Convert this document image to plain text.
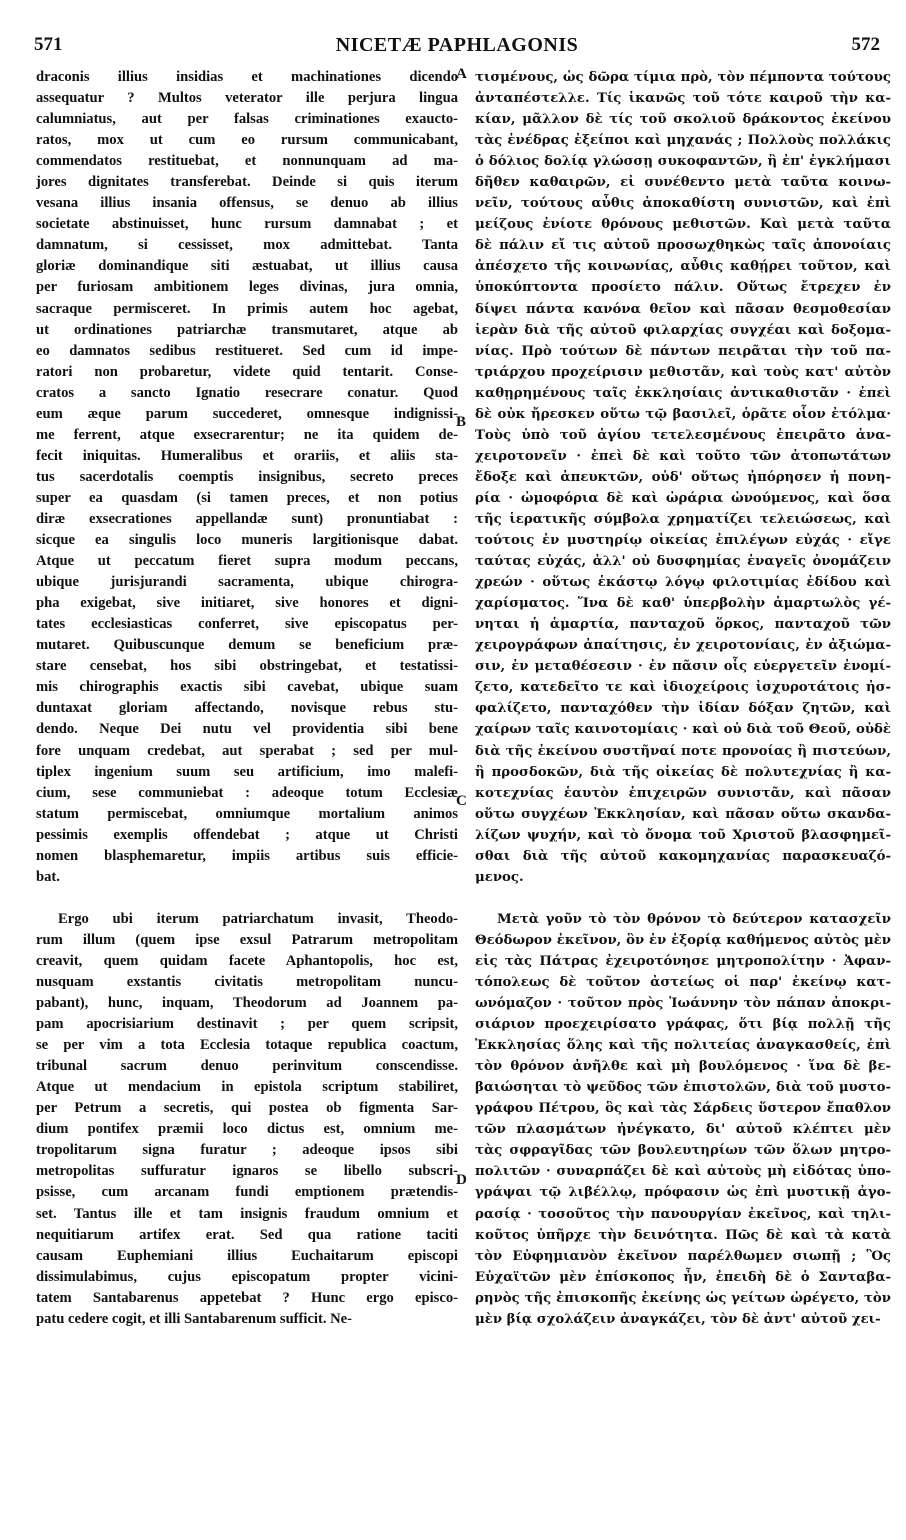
571	NICETÆ PAPHLAGONIS	572
draconis illius insidias et machinationes dicendo
assequatur ? Multos veterator ille perjura lingua
calumniatus, aut per falsas criminationes exaucto-
ratos, mox ut cum eo rursum communicabant,
commendatos restituebat, et nonnunquam ad ma-
jores dignitates transferebat. Deinde si quis iterum
vesana illius insania offensus, se denuo ab illius
societate abstinuisset, hunc rursum damnabat ; et
damnatum, si cessisset, mox admittebat. Tanta
gloriæ dominandique siti æstuabat, ut illius causa
per furiosam ambitionem leges divinas, jura omnia,
sacraque permisceret. In primis autem hoc agebat,
ut ordinationes patriarchæ transmutaret, atque ab
eo damnatos sedibus restitueret. Sed cum id impe-
ratori non probaretur, videte quid tentarit. Conse-
cratos a sancto Ignatio resecrare conatur. Quod
eum æque parum succederet, omnesque indignissi-
me ferrent, atque exsecrarentur; ne ita quidem de-
fecit iniquitas. Humeralibus et orariis, et aliis sta-
tus sacerdotalis coemptis insignibus, secreto preces
super ea quasdam (si tamen preces, et non potius
diræ exsecrationes appellandæ sunt) pronuntiabat :
sicque ea singulis loco muneris largitionisque dabat.
Atque ut peccatum fieret supra modum peccans,
ubique jurisjurandi sacramenta, ubique chirogra-
pha exigebat, sive initiaret, sive honores et digni-
tates ecclesiasticas conferret, sive episcopatus per-
mutaret. Quibuscunque demum se beneficium præ-
stare censebat, hos sibi obstringebat, et testatissi-
mis chirographis exactis sibi cavebat, ubique suam
duntaxat gloriam affectando, novisque rebus stu-
dendo. Neque Dei nutu vel providentia sibi bene
fore unquam credebat, aut sperabat ; sed per mul-
tiplex ingenium suum seu artificium, imo malefi-
cium, sese communiebat : adeoque totum Ecclesiæ
statum permiscebat, omniumque mortalium animos
pessimis exemplis offendebat ; atque ut Christi
nomen blasphemaretur, impiis artibus suis efficie-
bat.
Ergo ubi iterum patriarchatum invasit, Theodo-
rum illum (quem ipse exsul Patrarum metropolitam
creavit, quem quidam facete Aphantopolis, hoc est,
nusquam exstantis civitatis metropolitam nuncu-
pabant), hunc, inquam, Theodorum ad Joannem pa-
pam apocrisiarium destinavit ; per quem scripsit,
se per vim a tota Ecclesia totaque republica coactum,
tribunal sacrum denuo perinvitum conscendisse.
Atque ut mendacium in epistola scriptum stabiliret,
per Petrum a secretis, qui postea ob figmenta Sar-
dium pontifex præmii loco dictus est, omnium me-
tropolitarum signa furatur ; adeoque ipsos sibi
metropolitas suffuratur ignaros se libello subscri-
psisse, cum arcanam fundi emptionem prætendis-
set. Tantus ille et tam insignis fraudum omnium et
nequitiarum artifex erat. Sed qua ratione taciti
causam Euphemiani illius Euchaitarum episcopi
dissimulabimus, cujus episcopatum propter vicini-
tatem Santabarenus appetebat ? Hunc ergo episco-
patu cedere cogit, et illi Santabarenum sufficit. Ne-
τισμένους, ὡς δῶρα τίμια πρὸ, τὸν πέμποντα τούτους
ἀνταπέστελλε. Τίς ἱκανῶς τοῦ τότε καιροῦ τὴν κα-
κίαν, μᾶλλον δὲ τίς τοῦ σκολιοῦ δράκοντος ἐκείνου
τὰς ἐνέδρας ἐξείποι καὶ μηχανάς ; Πολλοὺς πολλάκις
ὁ δόλιος δολίᾳ γλώσσῃ συκοφαντῶν, ἢ ἐπ' ἐγκλήμασι
δῆθεν καθαιρῶν, εἰ συνέθεντο μετὰ ταῦτα κοινω-
νεῖν, τούτους αὖθις ἀποκαθίστη συνιστῶν, καὶ ἐπὶ
μείζους ἐνίοτε θρόνους μεθιστῶν. Καὶ μετὰ ταῦτα
δὲ πάλιν εἴ τις αὐτοῦ προσωχθηκὼς ταῖς ἀπονοίαις
ἀπέσχετο τῆς κοινωνίας, αὖθις καθῄρει τοῦτον, καὶ
ὑποκύπτοντα προσίετο πάλιν. Οὕτως ἔτρεχεν ἐν
δίψει πάντα κανόνα θεῖον καὶ πᾶσαν θεσμοθεσίαν
ἱερὰν διὰ τῆς αὐτοῦ φιλαρχίας συγχέαι καὶ δοξομα-
νίας. Πρὸ τούτων δὲ πάντων πειρᾶται τὴν τοῦ πα-
τριάρχου προχείρισιν μεθιστᾶν, καὶ τοὺς κατ' αὐτὸν
καθῃρημένους ταῖς ἐκκλησίαις ἀντικαθιστᾶν · ἐπεὶ
δὲ οὐκ ἤρεσκεν οὕτω τῷ βασιλεῖ, ὁρᾶτε οἷον ἐτόλμα·
Τοὺς ὑπὸ τοῦ ἁγίου τετελεσμένους ἐπειρᾶτο ἀνα-
χειροτονεῖν · ἐπεὶ δὲ καὶ τοῦτο τῶν ἀτοπωτάτων
ἔδοξε καὶ ἀπευκτῶν, οὐδ' οὕτως ἠπόρησεν ἡ πονη-
ρία · ὠμοφόρια δὲ καὶ ὠράρια ὠνούμενος, καὶ ὅσα
τῆς ἱερατικῆς σύμβολα χρηματίζει τελειώσεως, καὶ
τούτοις ἐν μυστηρίῳ οἰκείας ἐπιλέγων εὐχάς · εἴγε
ταύτας εὐχάς, ἀλλ' οὐ δυσφημίας ἐναγεῖς ὀνομάζειν
χρεών · οὕτως ἑκάστῳ λόγῳ φιλοτιμίας ἐδίδου καὶ
χαρίσματος. Ἵνα δὲ καθ' ὑπερβολὴν ἁμαρτωλὸς γέ-
νηται ἡ ἁμαρτία, πανταχοῦ ὅρκος, πανταχοῦ τῶν
χειρογράφων ἀπαίτησις, ἐν χειροτονίαις, ἐν ἀξιώμα-
σιν, ἐν μεταθέσεσιν · ἐν πᾶσιν οἷς εὐεργετεῖν ἐνομί-
ζετο, κατεδεῖτο τε καὶ ἰδιοχείροις ἰσχυροτάτοις ἠσ-
φαλίζετο, πανταχόθεν τὴν ἰδίαν δόξαν ζητῶν, καὶ
χαίρων ταῖς καινοτομίαις · καὶ οὐ διὰ τοῦ Θεοῦ, οὐδὲ
διὰ τῆς ἐκείνου συστῆναί ποτε προνοίας ἢ πιστεύων,
ἢ προσδοκῶν, διὰ τῆς οἰκείας δὲ πολυτεχνίας ἢ κα-
κοτεχνίας ἑαυτὸν ἐπιχειρῶν συνιστᾶν, καὶ πᾶσαν
οὕτω συγχέων Ἐκκλησίαν, καὶ πᾶσαν οὕτω σκανδα-
λίζων ψυχήν, καὶ τὸ ὄνομα τοῦ Χριστοῦ βλασφημεῖ-
σθαι διὰ τῆς αὐτοῦ κακομηχανίας παρασκευαζό-
μενος.
Μετὰ γοῦν τὸ τὸν θρόνον τὸ δεύτερον κατασχεῖν
Θεόδωρον ἐκεῖνον, ὃν ἐν ἐξορίᾳ καθήμενος αὐτὸς μὲν
εἰς τὰς Πάτρας ἐχειροτόνησε μητροπολίτην · Ἀφαν-
τόπολεως δὲ τοῦτον ἀστείως οἱ παρ' ἐκείνῳ κατ-
ωνόμαζον · τοῦτον πρὸς Ἰωάννην τὸν πάπαν ἀποκρι-
σιάριον προεχειρίσατο γράφας, ὅτι βίᾳ πολλῇ τῆς
Ἐκκλησίας ὅλης καὶ τῆς πολιτείας ἀναγκασθείς, ἐπὶ
τὸν θρόνον ἀνῆλθε καὶ μὴ βουλόμενος · ἵνα δὲ βε-
βαιώσηται τὸ ψεῦδος τῶν ἐπιστολῶν, διὰ τοῦ μυστο-
γράφου Πέτρου, ὃς καὶ τὰς Σάρδεις ὕστερον ἔπαθλον
τῶν πλασμάτων ἠνέγκατο, δι' αὐτοῦ κλέπτει μὲν
τὰς σφραγῖδας τῶν βουλευτηρίων τῶν ὅλων μητρο-
πολιτῶν · συναρπάζει δὲ καὶ αὐτοὺς μὴ εἰδότας ὑπο-
γράψαι τῷ λιβέλλῳ, πρόφασιν ὡς ἐπὶ μυστικῇ ἀγο-
ρασίᾳ · τοσοῦτος τὴν πανουργίαν ἐκεῖνος, καὶ τηλι-
κοῦτος ὑπῆρχε τὴν δεινότητα. Πῶς δὲ καὶ τὰ κατὰ
τὸν Εὐφημιανὸν ἐκεῖνον παρέλθωμεν σιωπῇ ; Ὃς
Εὐχαϊτῶν μὲν ἐπίσκοπος ἦν, ἐπειδὴ δὲ ὁ Σανταβα-
ρηνὸς τῆς ἐπισκοπῆς ἐκείνης ὡς γείτων ὠρέγετο, τὸν
μὲν βίᾳ σχολάζειν ἀναγκάζει, τὸν δὲ ἀντ' αὐτοῦ χει-
A
B
C
D
